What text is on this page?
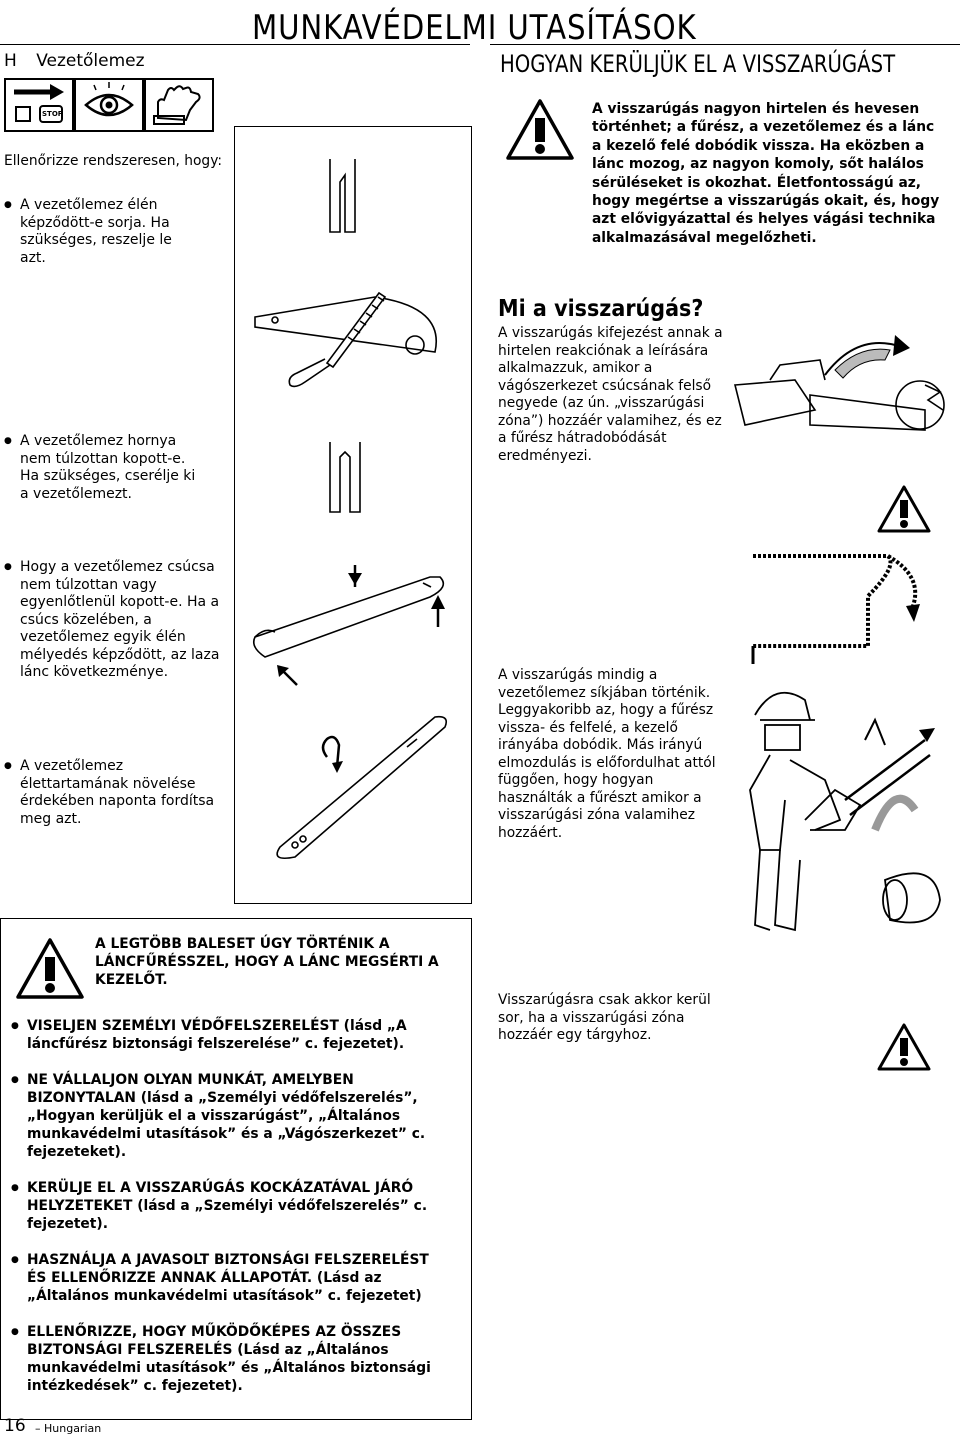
MUNKAVÉDELMI UTASÍTÁSOK
H Vezetőlemez	HOGYAN KERÜLJÜK EL A VISSZARÚGÁST
STOP
Ellenőrizze rendszeresen, hogy:
● A vezetőlemez élén képződött-e sorja. Ha szükséges, reszelje le azt.
● A vezetőlemez hornya nem túlzottan kopott-e. Ha szükséges, cserélje ki a vezetőlemezt.
● Hogy a vezetőlemez csúcsa nem túlzottan vagy egyenlőtlenül kopott-e. Ha a csúcs közelében, a vezetőlemez egyik élén mélyedés képződött, az laza lánc következménye.
● A vezetőlemez élettartamának növelése érdekében naponta fordítsa meg azt.
A visszarúgás nagyon hirtelen és hevesen történhet; a fűrész, a vezetőlemez és a lánc a kezelő felé dobódik vissza. Ha eközben a lánc mozog, az nagyon komoly, sőt halálos sérüléseket is okozhat. Életfontosságú az, hogy megértse a visszarúgás okait, és, hogy azt elővigyázattal és helyes vágási technika alkalmazásával megelőzheti.
Mi a visszarúgás?
A visszarúgás kifejezést annak a hirtelen reakciónak a leírására alkalmazzuk, amikor a vágószerkezet csúcsának felső negyede (az ún. „visszarúgási zóna”) hozzáér valamihez, és ez a fűrész hátradobódását eredményezi.
A visszarúgás mindig a vezetőlemez síkjában történik. Leggyakoribb az, hogy a fűrész vissza- és felfelé, a kezelő irányába dobódik. Más irányú elmozdulás is előfordulhat attól függően, hogy hogyan használták a fűrészt amikor a visszarúgási zóna valamihez hozzáért.
A LEGTÖBB BALESET ÚGY TÖRTÉNIK A LÁNCFŰRÉSSZEL, HOGY A LÁNC MEGSÉRTI A KEZELŐT.
● VISELJEN SZEMÉLYI VÉDŐFELSZERELÉST (lásd „A láncfűrész biztonsági felszerelése” c. fejezetet).
● NE VÁLLALJON OLYAN MUNKÁT, AMELYBEN BIZONYTALAN (lásd a „Személyi védőfelszerelés”, „Hogyan kerüljük el a visszarúgást”, „Általános munkavédelmi utasítások” és a „Vágószerkezet” c. fejezeteket).
● KERÜLJE EL A VISSZARÚGÁS KOCKÁZATÁVAL JÁRÓ HELYZETEKET (lásd a „Személyi védőfelszerelés” c. fejezetet).
● HASZNÁLJA A JAVASOLT BIZTONSÁGI FELSZERELÉST ÉS ELLENŐRIZZE ANNAK ÁLLAPOTÁT. (Lásd az „Általános munkavédelmi utasítások” c. fejezetet)
● ELLENŐRIZZE, HOGY MŰKÖDŐKÉPES AZ ÖSSZES BIZTONSÁGI FELSZERELÉS (Lásd az „Általános munkavédelmi utasítások” és „Általános biztonsági intézkedések” c. fejezetet).
Visszarúgásra csak akkor kerül sor, ha a visszarúgási zóna hozzáér egy tárgyhoz.
16 – Hungarian
